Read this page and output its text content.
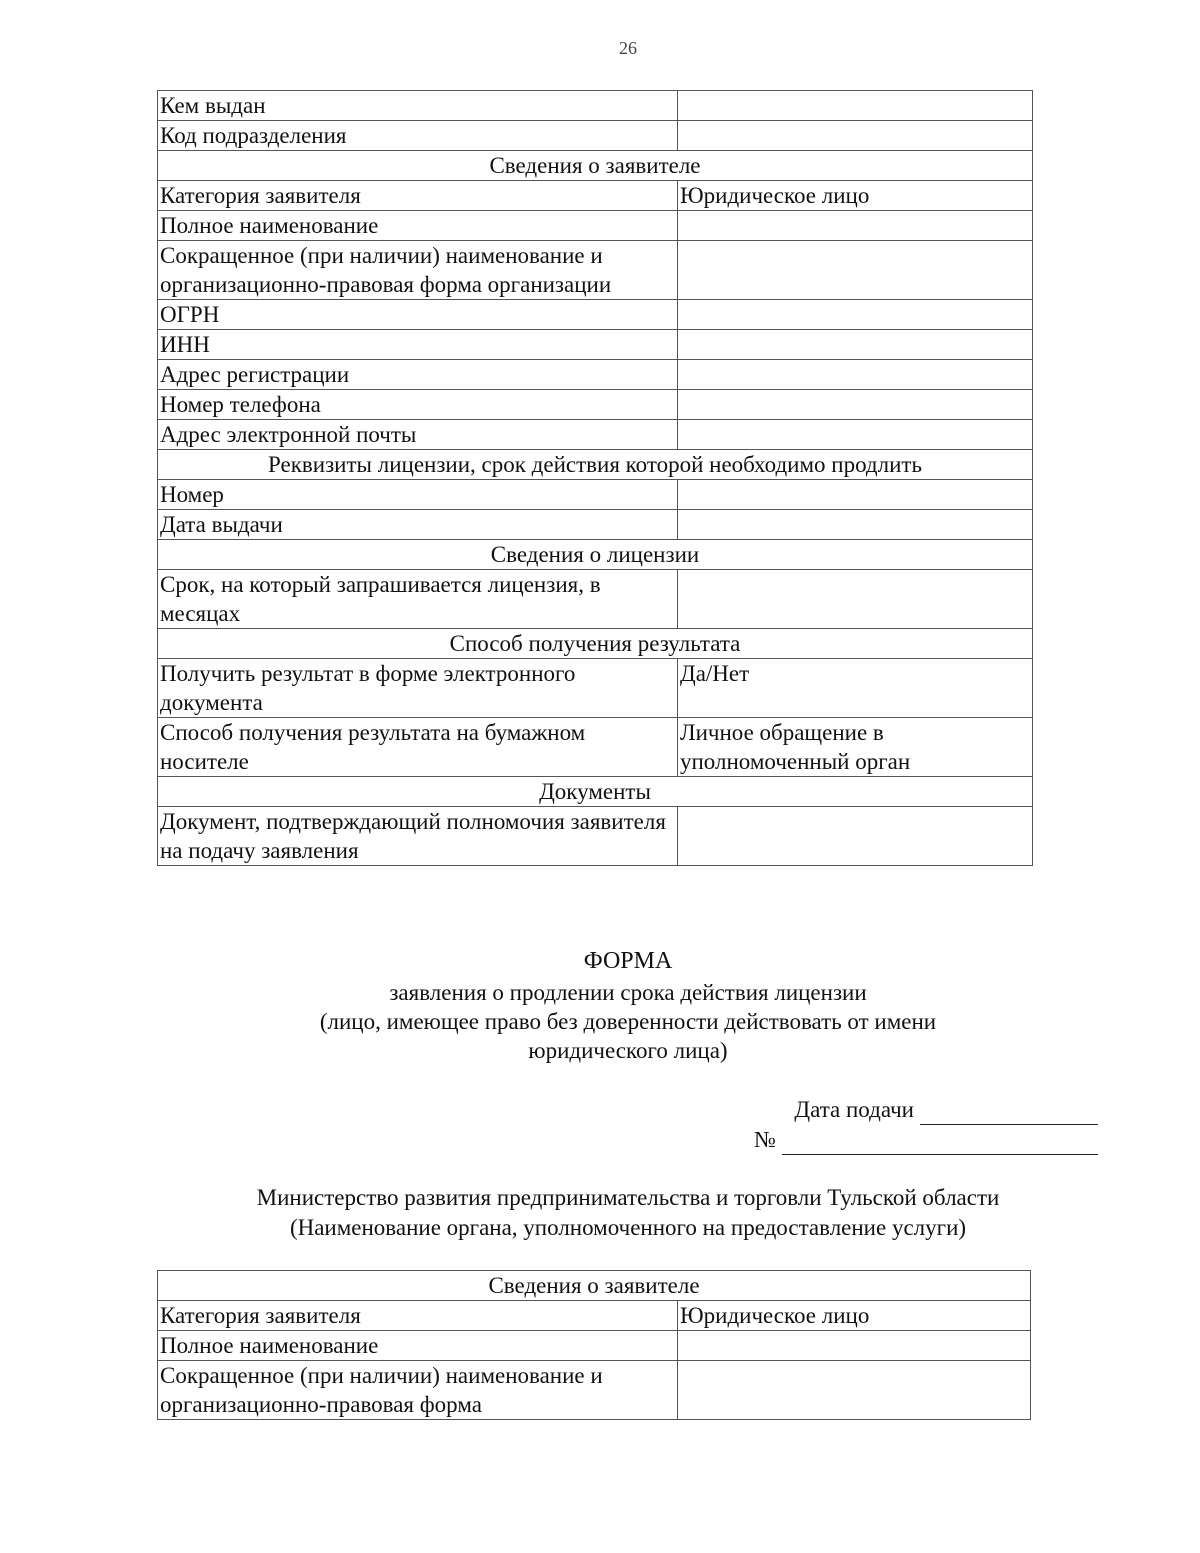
26
Кем выдан	
Код подразделения	
Сведения о заявителе	
Категория заявителя	Юридическое лицо
Полное наименование	
Сокращенное (при наличии) наименование и организационно-правовая форма организации	
ОГРН	
ИНН	
Адрес регистрации	
Номер телефона	
Адрес электронной почты	
Реквизиты лицензии, срок действия которой необходимо продлить	
Номер	
Дата выдачи	
Сведения о лицензии	
Срок, на который запрашивается лицензия, в месяцах	
Способ получения результата	
Получить результат в форме электронного документа	Да/Нет
Способ получения результата на бумажном носителе	Личное обращение в уполномоченный орган
Документы	
Документ, подтверждающий полномочия заявителя на подачу заявления	
ФОРМА
заявления о продлении срока действия лицензии
(лицо, имеющее право без доверенности действовать от имени
юридического лица)
Дата подачи
№
Министерство развития предпринимательства и торговли Тульской области
(Наименование органа, уполномоченного на предоставление услуги)
Сведения о заявителе	
Категория заявителя	Юридическое лицо
Полное наименование	
Сокращенное (при наличии) наименование и организационно-правовая форма	
